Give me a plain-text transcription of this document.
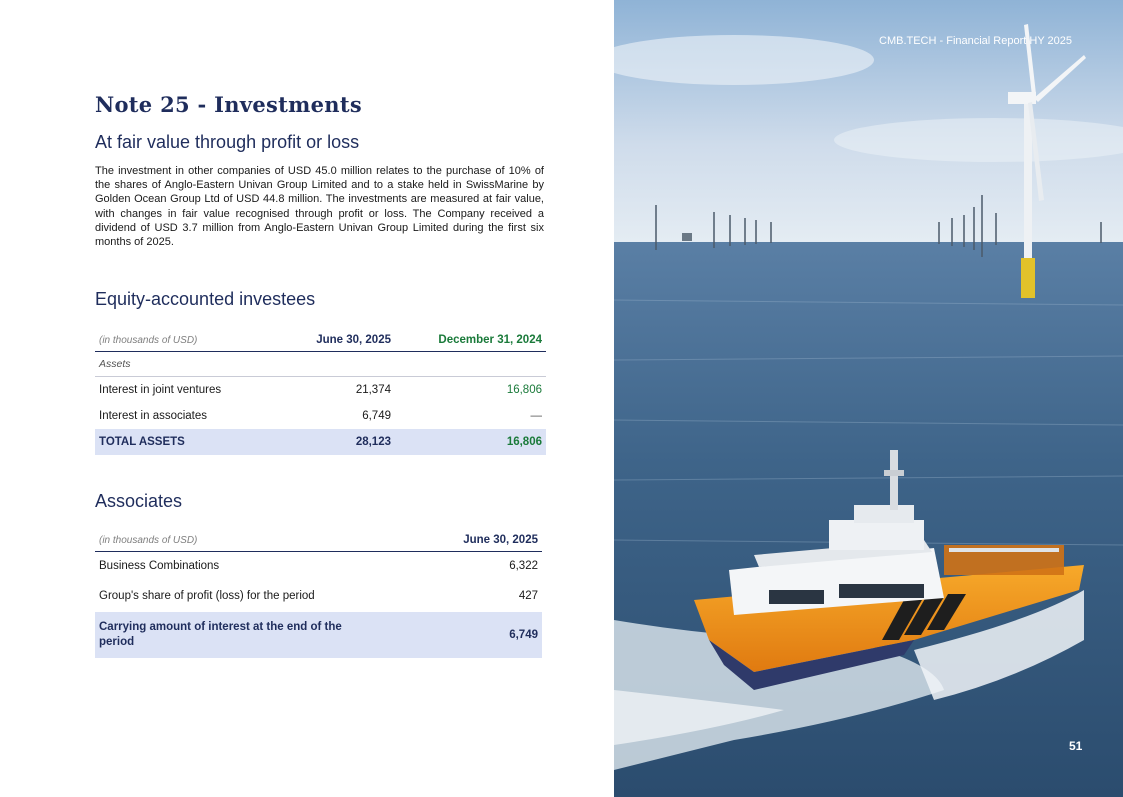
Note 25 - Investments
At fair value through profit or loss
The investment in other companies of USD 45.0 million relates to the purchase of 10% of the shares of Anglo-Eastern Univan Group Limited and to a stake held in SwissMarine by Golden Ocean Group Ltd of USD 44.8 million. The investments are measured at fair value, with changes in fair value recognised through profit or loss. The Company received a dividend of USD 3.7 million from Anglo-Eastern Univan Group Limited during the first six months of 2025.
Equity-accounted investees
(in thousands of USD)	June 30, 2025	December 31, 2024
Assets		
Interest in joint ventures	21,374	16,806
Interest in associates	6,749	—
TOTAL ASSETS	28,123	16,806
Associates
(in thousands of USD)	June 30, 2025
Business Combinations	6,322
Group's share of profit (loss) for the period	427
Carrying amount of interest at the end of the period	6,749
CMB.TECH - Financial Report HY 2025
51
